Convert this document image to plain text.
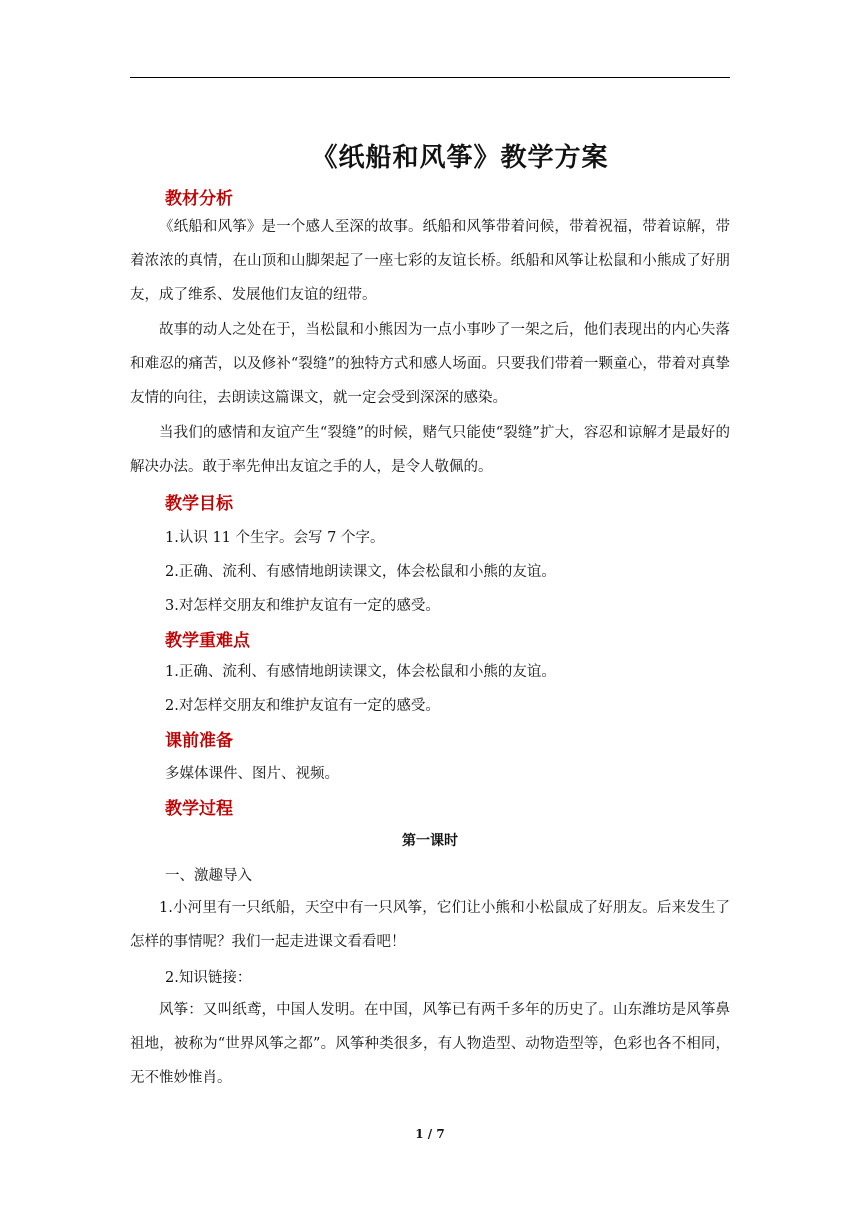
《纸船和风筝》教学方案
教材分析

《纸船和风筝》是一个感人至深的故事。纸船和风筝带着问候，带着祝福，带着谅解，带着浓浓的真情，在山顶和山脚架起了一座七彩的友谊长桥。纸船和风筝让松鼠和小熊成了好朋友，成了维系、发展他们友谊的纽带。

故事的动人之处在于，当松鼠和小熊因为一点小事吵了一架之后，他们表现出的内心失落和难忍的痛苦，以及修补“裂缝”的独特方式和感人场面。只要我们带着一颗童心，带着对真挚友情的向往，去朗读这篇课文，就一定会受到深深的感染。

当我们的感情和友谊产生“裂缝”的时候，赌气只能使“裂缝”扩大，容忍和谅解才是最好的解决办法。敢于率先伸出友谊之手的人，是令人敬佩的。

教学目标

1.认识 11 个生字。会写 7 个字。

2.正确、流利、有感情地朗读课文，体会松鼠和小熊的友谊。

3.对怎样交朋友和维护友谊有一定的感受。

教学重难点

1.正确、流利、有感情地朗读课文，体会松鼠和小熊的友谊。

2.对怎样交朋友和维护友谊有一定的感受。

课前准备

多媒体课件、图片、视频。

教学过程

第一课时

一、激趣导入

1.小河里有一只纸船，天空中有一只风筝，它们让小熊和小松鼠成了好朋友。后来发生了怎样的事情呢？我们一起走进课文看看吧！

2.知识链接：

风筝：又叫纸鸢，中国人发明。在中国，风筝已有两千多年的历史了。山东潍坊是风筝鼻祖地，被称为“世界风筝之都”。风筝种类很多，有人物造型、动物造型等，色彩也各不相同，无不惟妙惟肖。

1 / 7
